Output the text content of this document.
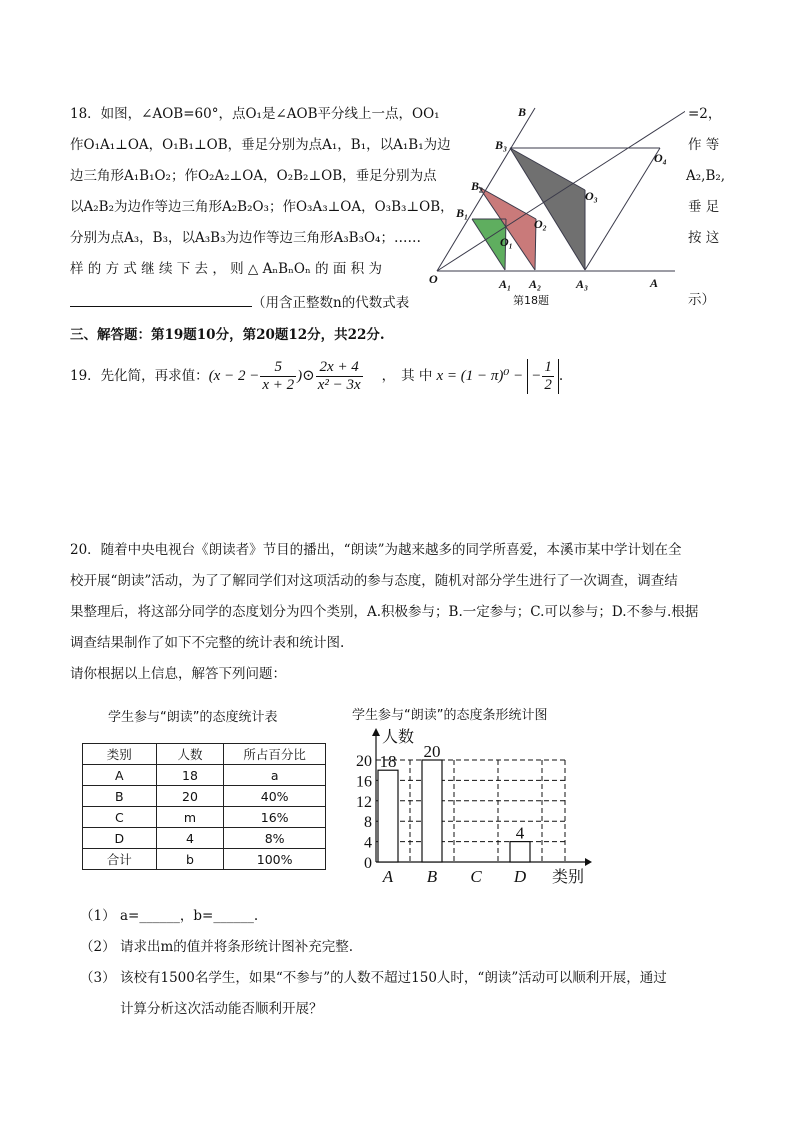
18．如图，∠AOB=60°，点O₁是∠AOB平分线上一点，OO₁	=2，
作O₁A₁⊥OA，O₁B₁⊥OB，垂足分别为点A₁，B₁，以A₁B₁为边	作 等
边三角形A₁B₁O₂；作O₂A₂⊥OA，O₂B₂⊥OB，垂足分别为点	A₂,B₂,
以A₂B₂为边作等边三角形A₂B₂O₃；作O₃A₃⊥OA，O₃B₃⊥OB，	垂 足
分别为点A₃，B₃，以A₃B₃为边作等边三角形A₃B₃O₄；……	按 这
样 的 方 式 继 续 下 去 ， 则 △ AₙBₙOₙ 的 面 积 为
（用含正整数n的代数式表	示）
B
O	A
B₃
B₂
B₁
A₁ A₂	A₃
O₁
O₂
O₃
O₄
第18题
三、解答题：第19题10分，第20题12分，共22分.
19．先化简，再求值： ($x - 2 - \frac{5}{x + 2}$ )⊙ $\frac{2x + 4}{\text{x² − 3x}}$ ， 其 中 x = (1 − π)⁰ − − $\frac{1}{2}$ .
20．随着中央电视台《朗读者》节目的播出，“朗读”为越来越多的同学所喜爱，本溪市某中学计划在全
校开展“朗读”活动，为了了解同学们对这项活动的参与态度，随机对部分学生进行了一次调查，调查结
果整理后，将这部分同学的态度划分为四个类别，A.积极参与；B.一定参与；C.可以参与；D.不参与.根据
调查结果制作了如下不完整的统计表和统计图.
请你根据以上信息，解答下列问题：
学生参与“朗读”的态度统计表
类别	人数	所占百分比
A	18	a
B	20	40%
C	m	16%
D	4	8%
合计	b	100%
学生参与“朗读”的态度条形统计图
0
4
8
12
16
20 18
A
20
B C
4
D
人数
类别
（1） a=______，b=______.
（2） 请求出m的值并将条形统计图补充完整.
（3） 该校有1500名学生，如果“不参与”的人数不超过150人时，“朗读”活动可以顺利开展，通过
计算分析这次活动能否顺利开展？
